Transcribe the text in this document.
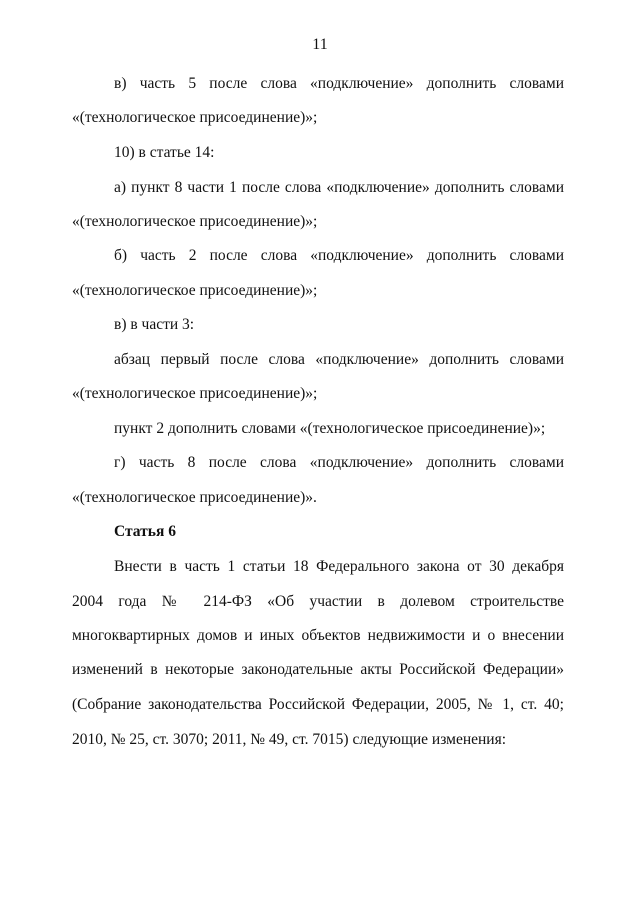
11
в) часть 5 после слова «подключение» дополнить словами
«(технологическое присоединение)»;
10) в статье 14:
а) пункт 8 части 1 после слова «подключение» дополнить словами
«(технологическое присоединение)»;
б) часть 2 после слова «подключение» дополнить словами
«(технологическое присоединение)»;
в) в части 3:
абзац первый после слова «подключение» дополнить словами
«(технологическое присоединение)»;
пункт 2 дополнить словами «(технологическое присоединение)»;
г) часть 8 после слова «подключение» дополнить словами
«(технологическое присоединение)».
Статья 6
Внести в часть 1 статьи 18 Федерального закона от 30 декабря
2004 года № 214-ФЗ «Об участии в долевом строительстве
многоквартирных домов и иных объектов недвижимости и о внесении
изменений в некоторые законодательные акты Российской Федерации»
(Собрание законодательства Российской Федерации, 2005, № 1, ст. 40;
2010, № 25, ст. 3070; 2011, № 49, ст. 7015) следующие изменения:
